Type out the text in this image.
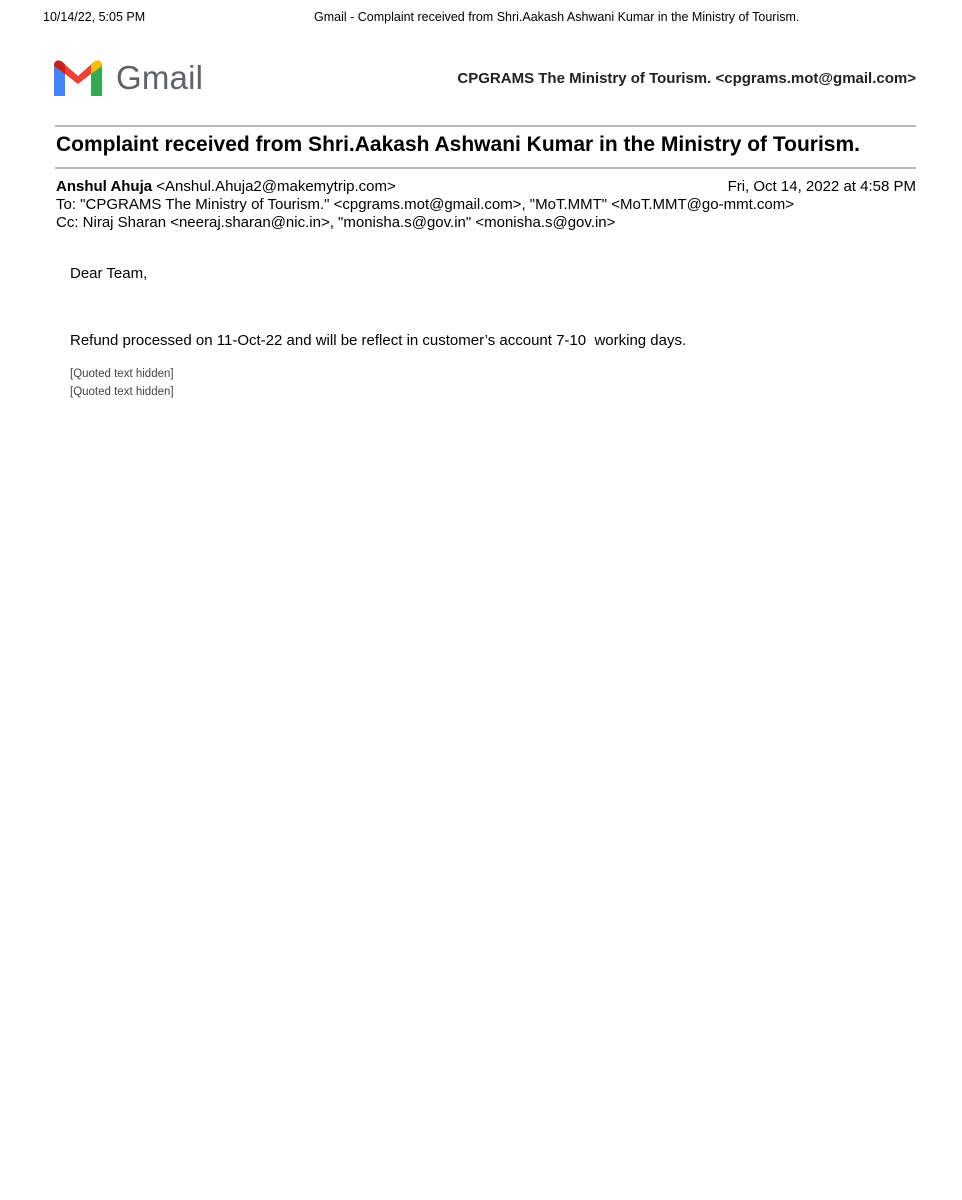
10/14/22, 5:05 PM	Gmail - Complaint received from Shri.Aakash Ashwani Kumar in the Ministry of Tourism.
Gmail	CPGRAMS The Ministry of Tourism. <cpgrams.mot@gmail.com>
Complaint received from Shri.Aakash Ashwani Kumar in the Ministry of Tourism.
Anshul Ahuja <Anshul.Ahuja2@makemytrip.com>	Fri, Oct 14, 2022 at 4:58 PM
To: "CPGRAMS The Ministry of Tourism." <cpgrams.mot@gmail.com>, "MoT.MMT" <MoT.MMT@go-mmt.com>
Cc: Niraj Sharan <neeraj.sharan@nic.in>, "monisha.s@gov.in" <monisha.s@gov.in>
Dear Team,
Refund processed on 11-Oct-22 and will be reflect in customer’s account 7-10  working days.
[Quoted text hidden]
[Quoted text hidden]
